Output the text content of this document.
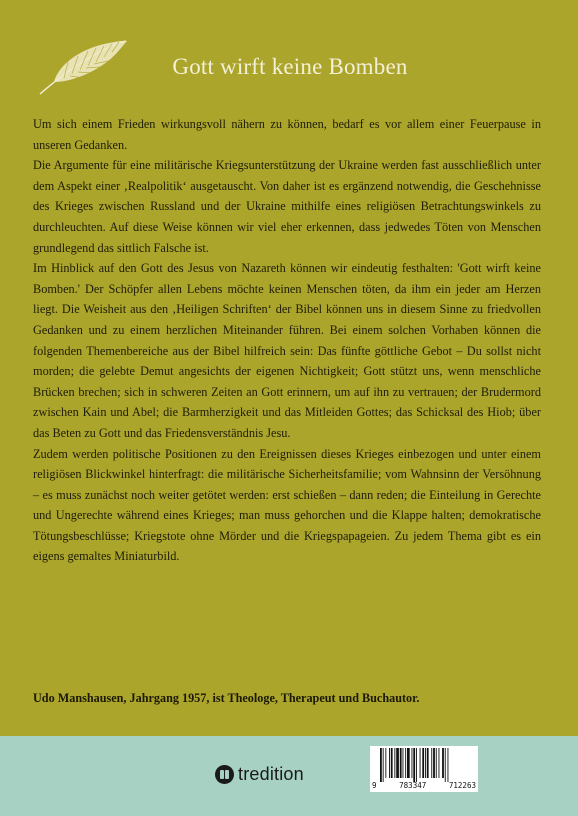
Gott wirft keine Bomben

Um sich einem Frieden wirkungsvoll nähern zu können, bedarf es vor allem einer Feuerpause in unseren Gedanken.

Die Argumente für eine militärische Kriegsunterstützung der Ukraine werden fast ausschließlich unter dem Aspekt einer ‚Realpolitik‘ ausgetauscht. Von daher ist es ergänzend notwendig, die Geschehnisse des Krieges zwischen Russland und der Ukraine mithilfe eines religiösen Betrachtungswinkels zu durchleuchten. Auf diese Weise können wir viel eher erkennen, dass jedwedes Töten von Menschen grundlegend das sittlich Falsche ist.

Im Hinblick auf den Gott des Jesus von Nazareth können wir eindeutig festhalten: 'Gott wirft keine Bomben.' Der Schöpfer allen Lebens möchte keinen Menschen töten, da ihm ein jeder am Herzen liegt. Die Weisheit aus den ‚Heiligen Schriften‘ der Bibel können uns in diesem Sinne zu friedvollen Gedanken und zu einem herzlichen Miteinander führen. Bei einem solchen Vorhaben können die folgenden Themenbereiche aus der Bibel hilfreich sein: Das fünfte göttliche Gebot – Du sollst nicht morden; die gelebte Demut angesichts der eigenen Nichtigkeit; Gott stützt uns, wenn menschliche Brücken brechen; sich in schweren Zeiten an Gott erinnern, um auf ihn zu vertrauen; der Brudermord zwischen Kain und Abel; die Barmherzigkeit und das Mitleiden Gottes; das Schicksal des Hiob; über das Beten zu Gott und das Friedensverständnis Jesu.

Zudem werden politische Positionen zu den Ereignissen dieses Krieges einbezogen und unter einem religiösen Blickwinkel hinterfragt: die militärische Sicherheitsfamilie; vom Wahnsinn der Versöhnung – es muss zunächst noch weiter getötet werden: erst schießen – dann reden; die Einteilung in Gerechte und Ungerechte während eines Krieges; man muss gehorchen und die Klappe halten; demokratische Tötungsbeschlüsse; Kriegstote ohne Mörder und die Kriegspapageien. Zu jedem Thema gibt es ein eigens gemaltes Miniaturbild.

Udo Manshausen, Jahrgang 1957, ist Theologe, Therapeut und Buchautor.
tredition
9	783347	712263
